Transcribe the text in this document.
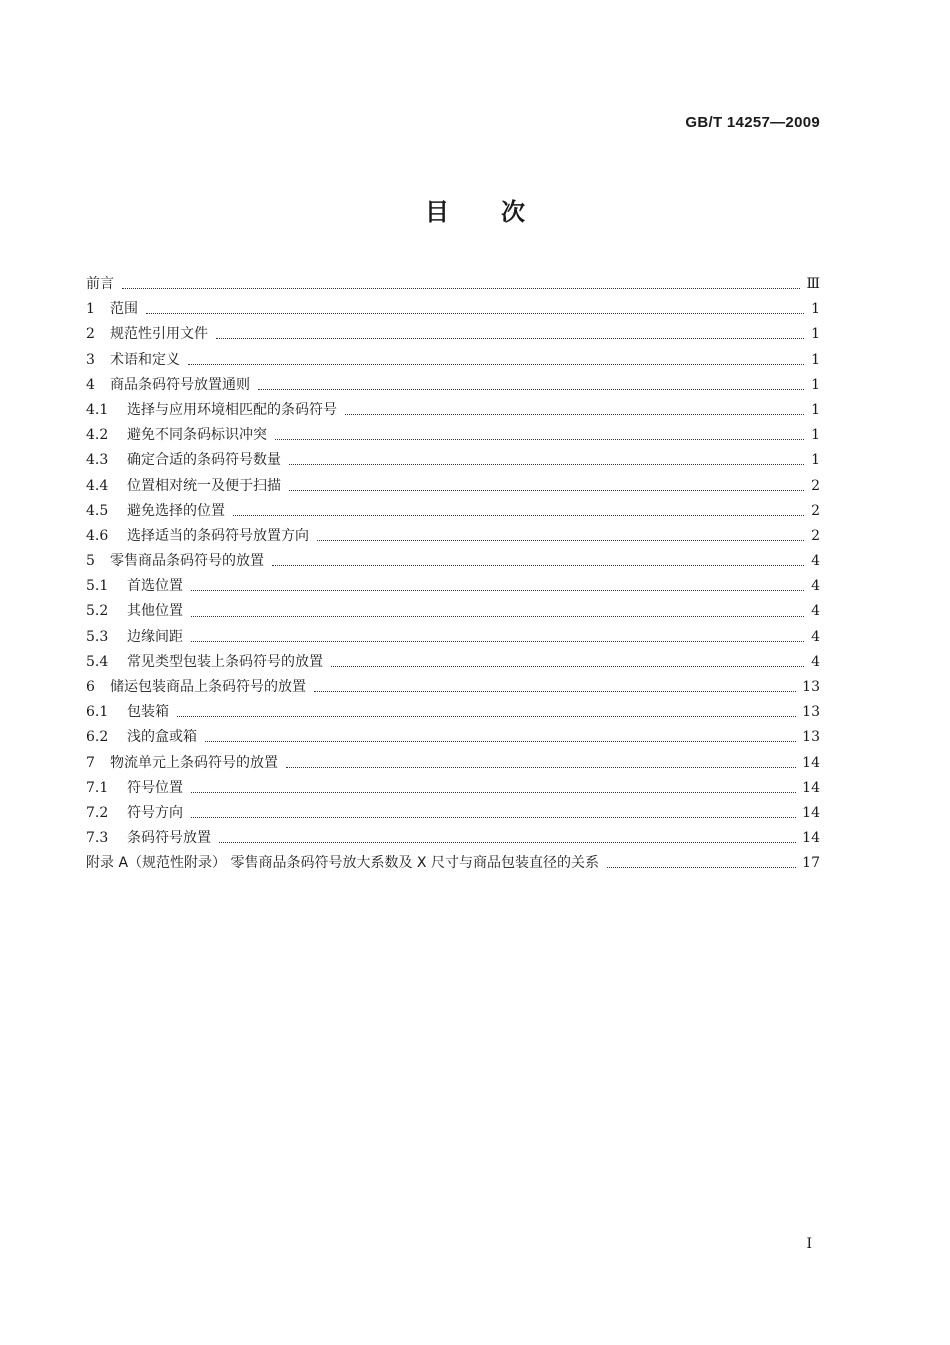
GB/T 14257—2009
目次
前言	Ⅲ
1	范围	1
2	规范性引用文件	1
3	术语和定义	1
4	商品条码符号放置通则	1
4.1	选择与应用环境相匹配的条码符号	1
4.2	避免不同条码标识冲突	1
4.3	确定合适的条码符号数量	1
4.4	位置相对统一及便于扫描	2
4.5	避免选择的位置	2
4.6	选择适当的条码符号放置方向	2
5	零售商品条码符号的放置	4
5.1	首选位置	4
5.2	其他位置	4
5.3	边缘间距	4
5.4	常见类型包装上条码符号的放置	4
6	储运包装商品上条码符号的放置	13
6.1	包装箱	13
6.2	浅的盒或箱	13
7	物流单元上条码符号的放置	14
7.1	符号位置	14
7.2	符号方向	14
7.3	条码符号放置	14
附录 A（规范性附录） 零售商品条码符号放大系数及 X 尺寸与商品包装直径的关系	17
I
